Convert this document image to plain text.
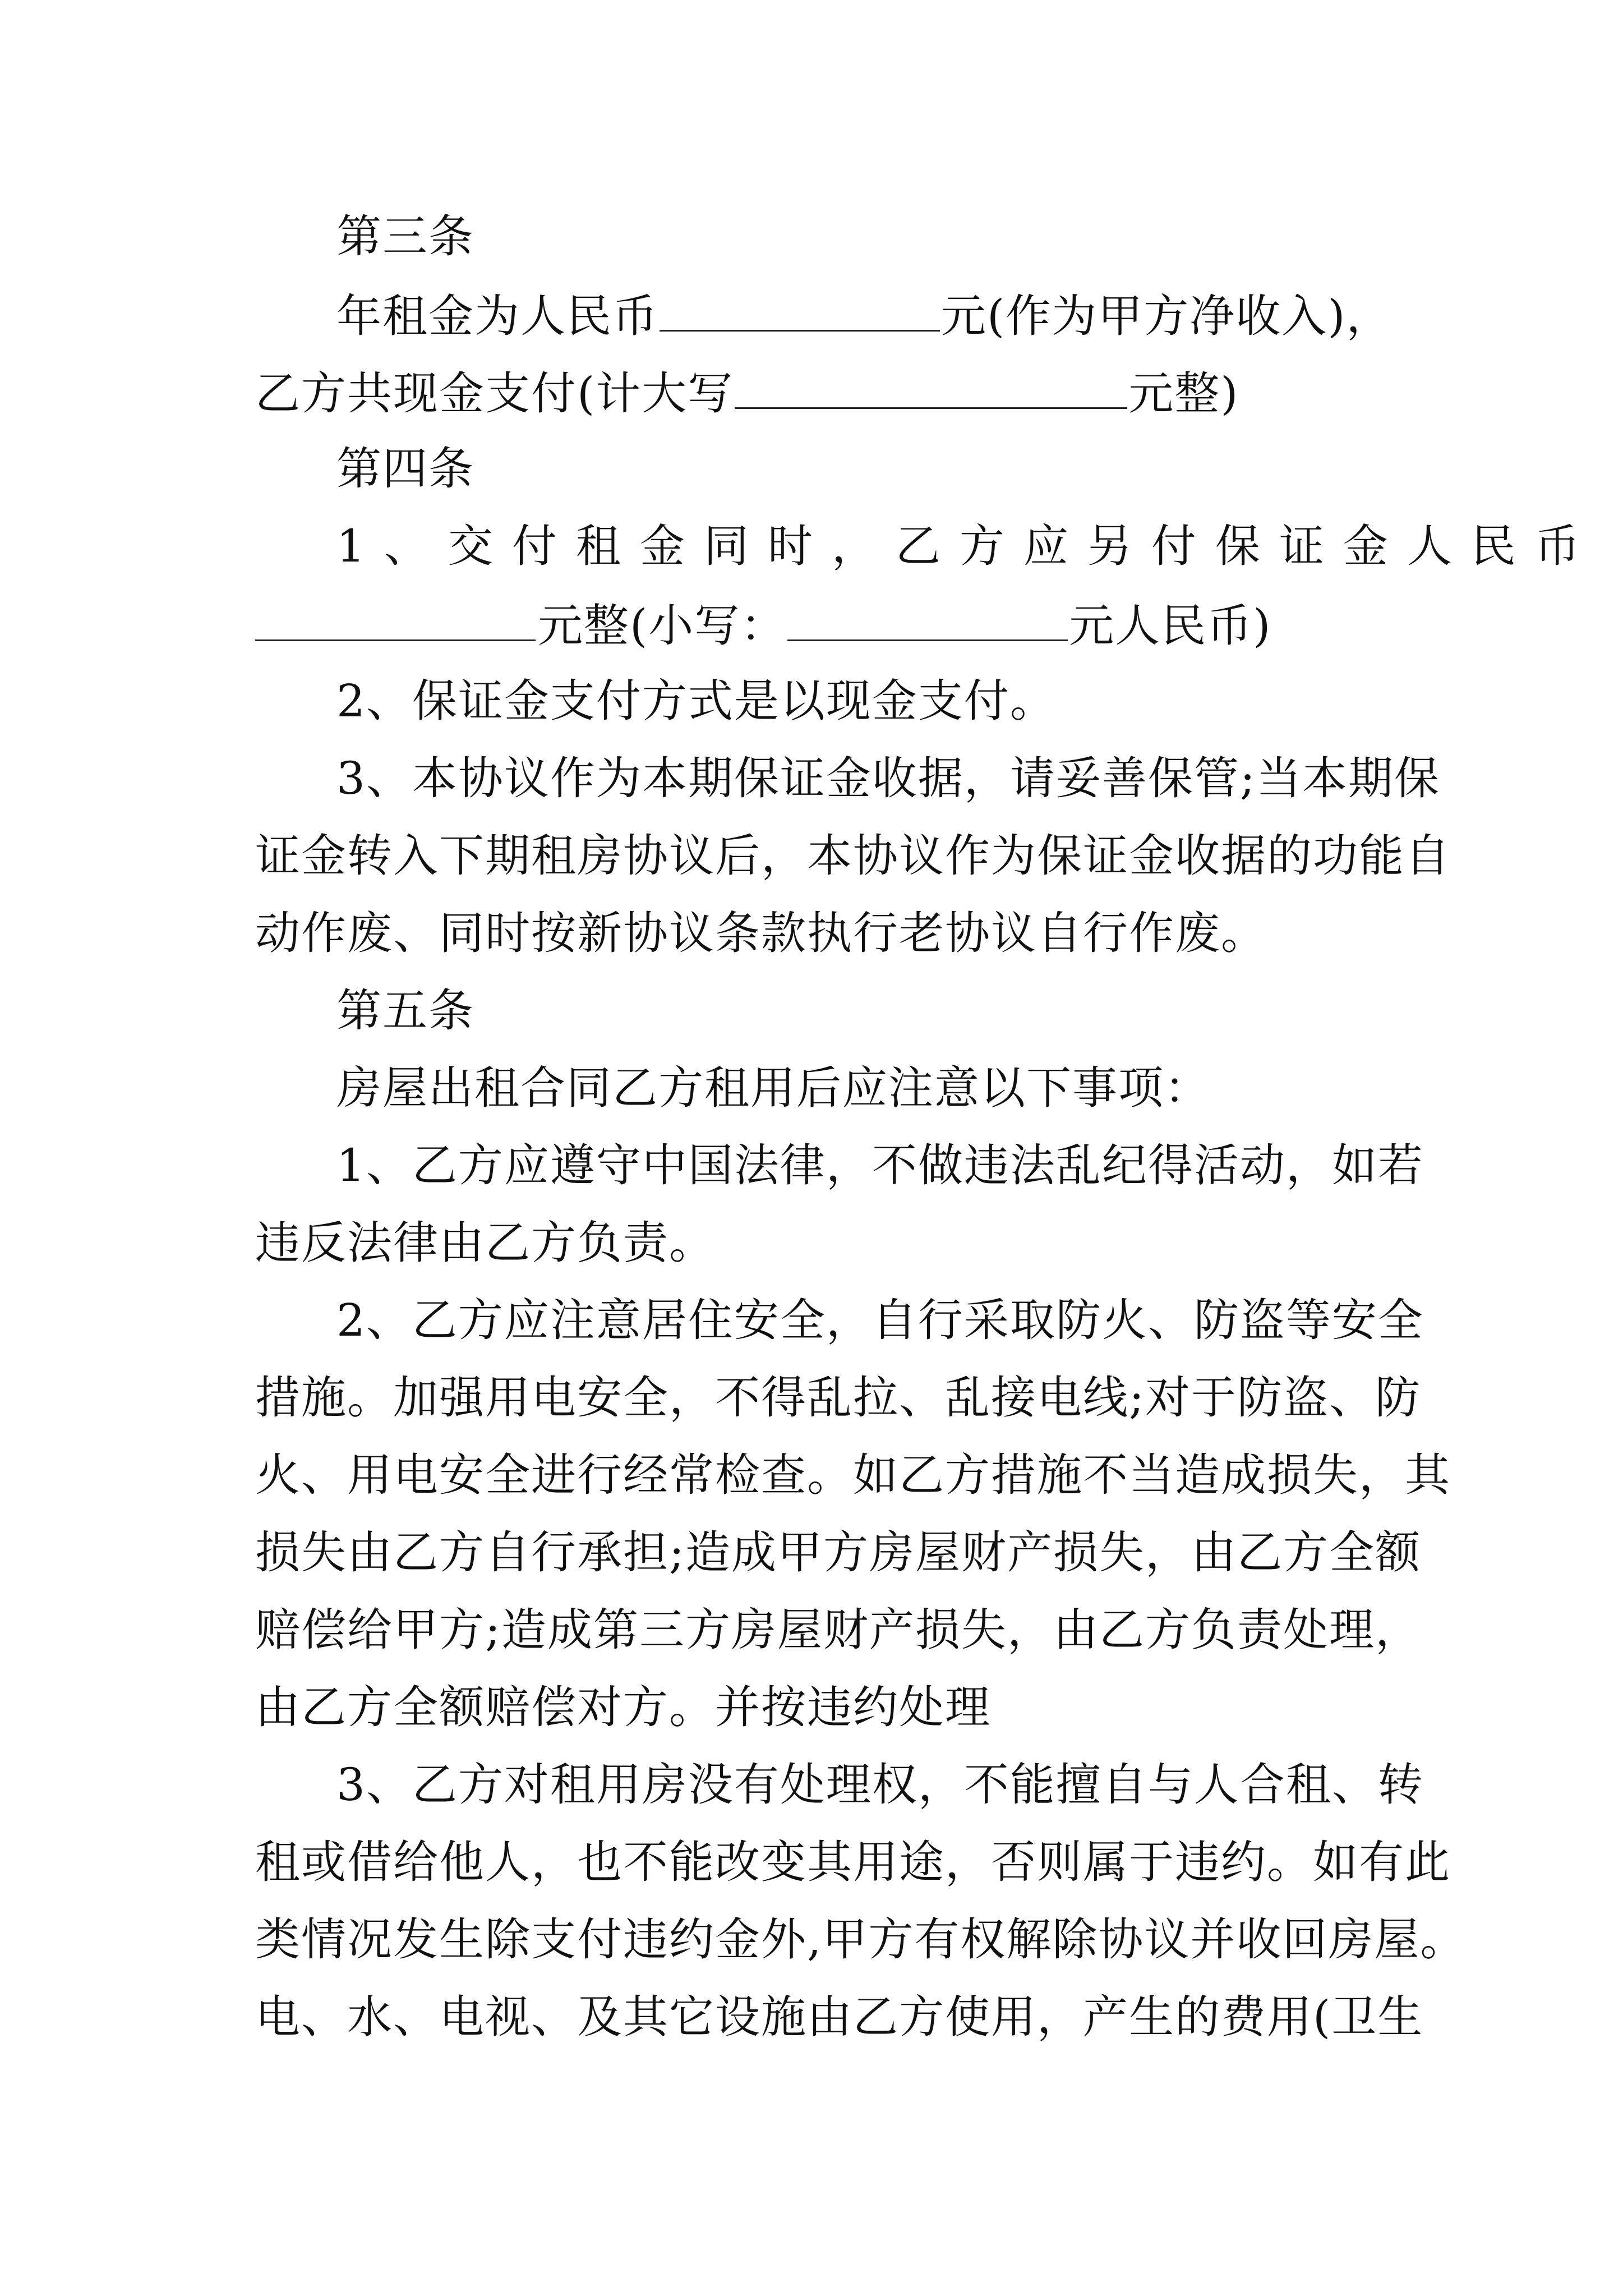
第三条
年租金为人民币	元(作为甲方净收入)，
乙方共现金支付(计大写	元整)
第四条
1、交付租金同时，乙方应另付保证金人民币
元整(小写：	元人民币)
2、保证金支付方式是以现金支付。
3、本协议作为本期保证金收据，请妥善保管;当本期保
证金转入下期租房协议后，本协议作为保证金收据的功能自
动作废、同时按新协议条款执行老协议自行作废。
第五条
房屋出租合同乙方租用后应注意以下事项：
1、乙方应遵守中国法律，不做违法乱纪得活动，如若
违反法律由乙方负责。
2、乙方应注意居住安全，自行采取防火、防盗等安全
措施。加强用电安全，不得乱拉、乱接电线;对于防盗、防
火、用电安全进行经常检查。如乙方措施不当造成损失，其
损失由乙方自行承担;造成甲方房屋财产损失，由乙方全额
赔偿给甲方;造成第三方房屋财产损失，由乙方负责处理，
由乙方全额赔偿对方。并按违约处理
3、乙方对租用房没有处理权，不能擅自与人合租、转
租或借给他人，也不能改变其用途，否则属于违约。如有此
类情况发生除支付违约金外,甲方有权解除协议并收回房屋。
电、水、电视、及其它设施由乙方使用，产生的费用(卫生
